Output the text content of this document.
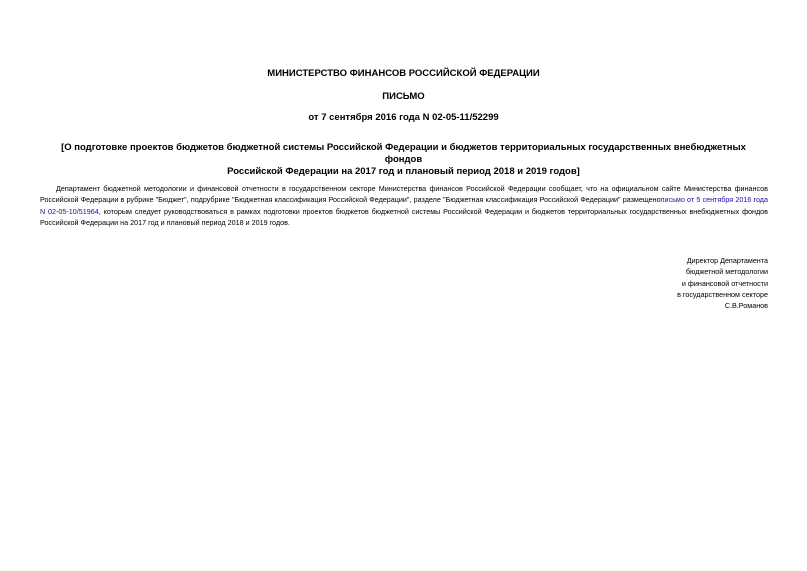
МИНИСТЕРСТВО ФИНАНСОВ РОССИЙСКОЙ ФЕДЕРАЦИИ
ПИСЬМО
от 7 сентября 2016 года N 02-05-11/52299
[О подготовке проектов бюджетов бюджетной системы Российской Федерации и бюджетов территориальных государственных внебюджетных фондов
Российской Федерации на 2017 год и плановый период 2018 и 2019 годов]
Департамент бюджетной методологии и финансовой отчетности в государственном секторе Министерства финансов Российской Федерации сообщает, что на официальном сайте Министерства финансов Российской Федерации в рубрике "Бюджет", подрубрике "Бюджетная классификация Российской Федерации", разделе "Бюджетная классификация Российской Федерации" размещенописьмо от 5 сентября 2016 года N 02-05-10/51964, которым следует руководствоваться в рамках подготовки проектов бюджетов бюджетной системы Российской Федерации и бюджетов территориальных государственных внебюджетных фондов Российской Федерации на 2017 год и плановый период 2018 и 2019 годов.
Директор Департамента
бюджетной методологии
и финансовой отчетности
в государственном секторе
С.В.Романов
